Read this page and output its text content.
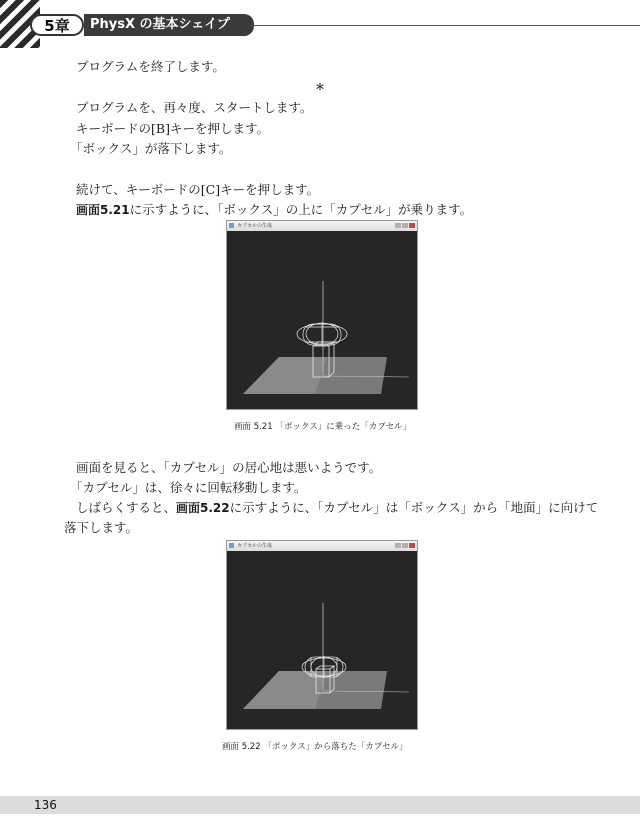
5章	PhysX の基本シェイプ
プログラムを終了します。
*
プログラムを、再々度、スタートします。
キーボードの[B]キーを押します。
「ボックス」が落下します。
続けて、キーボードの[C]キーを押します。
画面5.21に示すように、「ボックス」の上に「カプセル」が乗ります。
カプセルの生成
画面 5.21 「ボックス」に乗った「カプセル」
画面を見ると、「カプセル」の居心地は悪いようです。
「カプセル」は、徐々に回転移動します。
しばらくすると、画面5.22に示すように、「カプセル」は「ボックス」から「地面」に向けて
落下します。
カプセルの生成
画面 5.22 「ボックス」から落ちた「カプセル」
136
